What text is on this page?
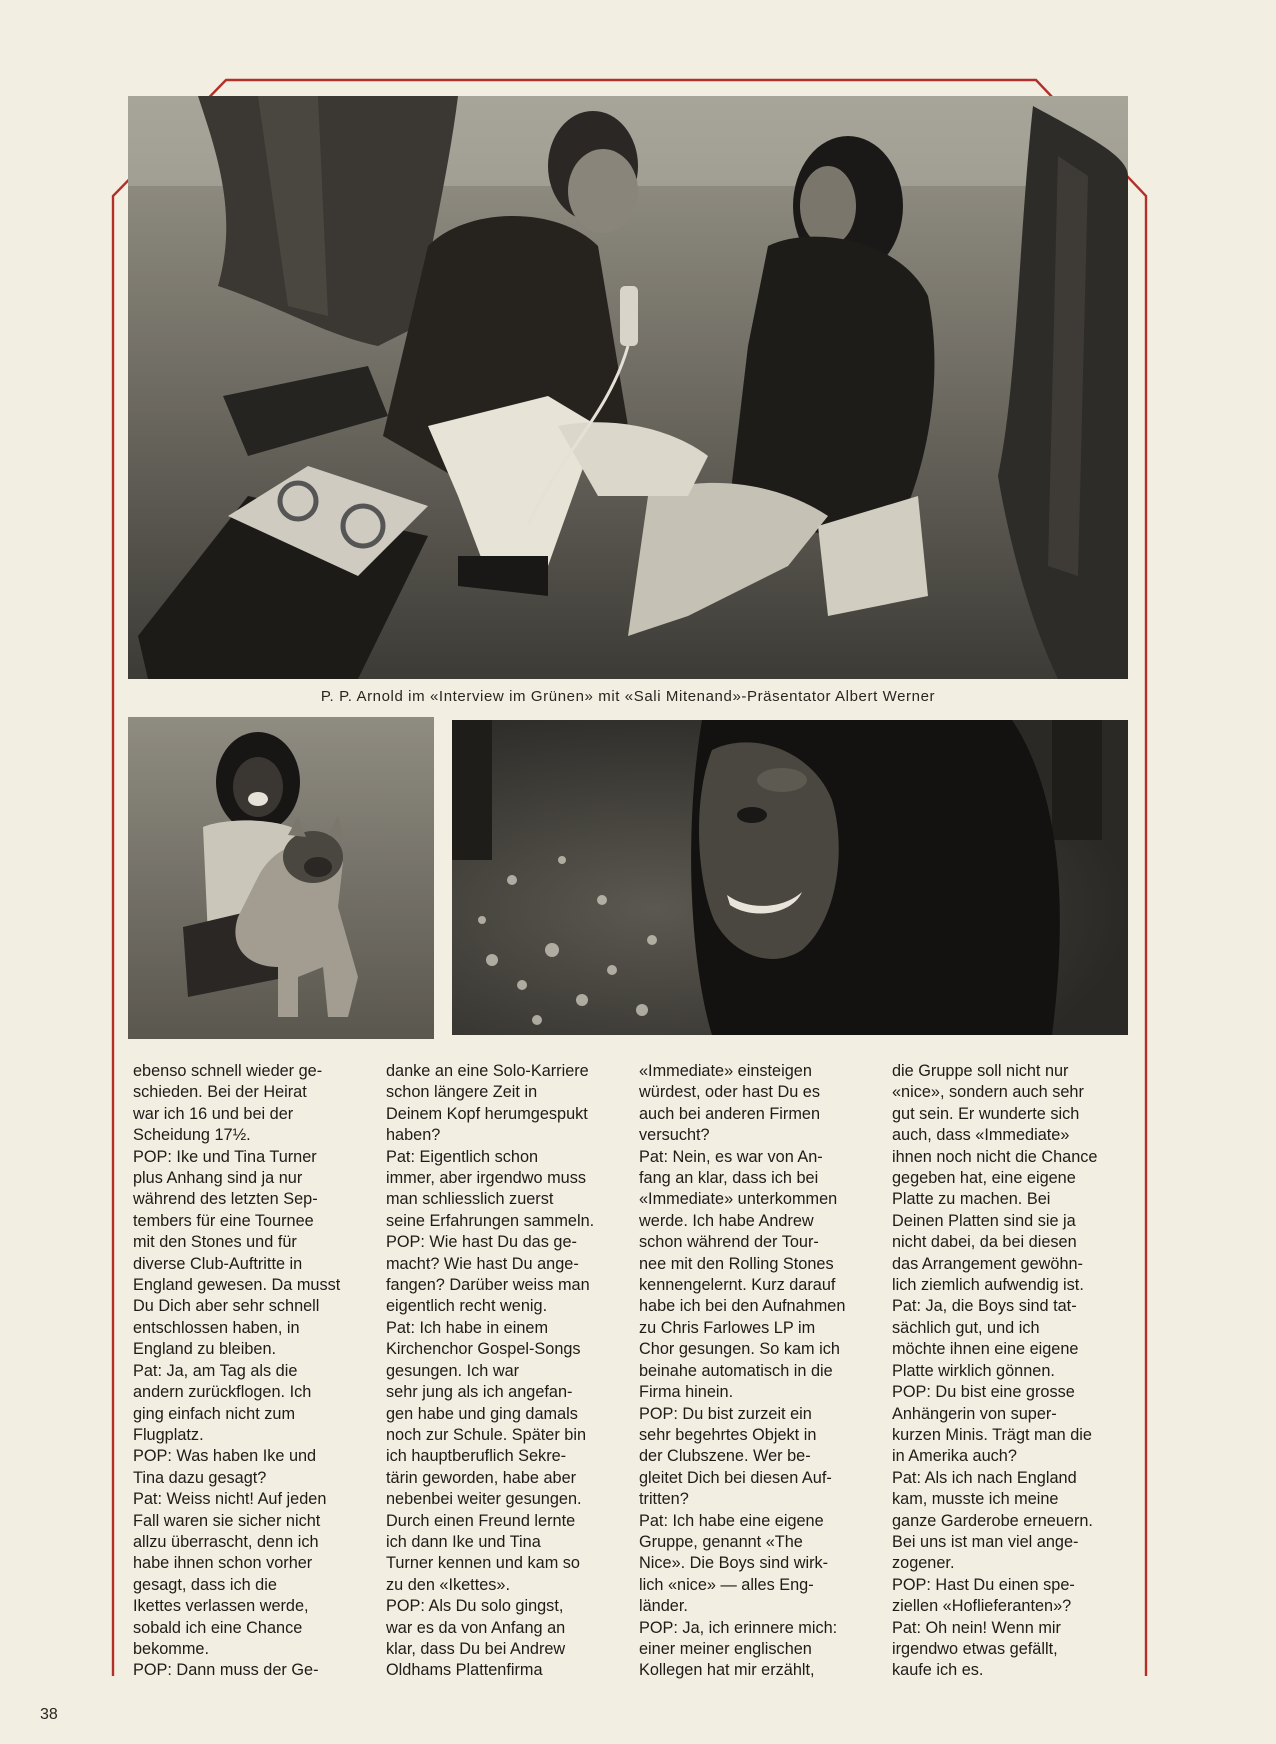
P. P. Arnold im «Interview im Grünen» mit «Sali Mitenand»-Präsentator Albert Werner
ebenso schnell wieder ge-
schieden. Bei der Heirat
war ich 16 und bei der
Scheidung 17½.
POP: Ike und Tina Turner
plus Anhang sind ja nur
während des letzten Sep-
tembers für eine Tournee
mit den Stones und für
diverse Club-Auftritte in
England gewesen. Da musst
Du Dich aber sehr schnell
entschlossen haben, in
England zu bleiben.
Pat: Ja, am Tag als die
andern zurückflogen. Ich
ging einfach nicht zum
Flugplatz.
POP: Was haben Ike und
Tina dazu gesagt?
Pat: Weiss nicht! Auf jeden
Fall waren sie sicher nicht
allzu überrascht, denn ich
habe ihnen schon vorher
gesagt, dass ich die
Ikettes verlassen werde,
sobald ich eine Chance
bekomme.
POP: Dann muss der Ge-
danke an eine Solo-Karriere
schon längere Zeit in
Deinem Kopf herumgespukt
haben?
Pat: Eigentlich schon
immer, aber irgendwo muss
man schliesslich zuerst
seine Erfahrungen sammeln.
POP: Wie hast Du das ge-
macht? Wie hast Du ange-
fangen? Darüber weiss man
eigentlich recht wenig.
Pat: Ich habe in einem
Kirchenchor Gospel-Songs
gesungen. Ich war
sehr jung als ich angefan-
gen habe und ging damals
noch zur Schule. Später bin
ich hauptberuflich Sekre-
tärin geworden, habe aber
nebenbei weiter gesungen.
Durch einen Freund lernte
ich dann Ike und Tina
Turner kennen und kam so
zu den «Ikettes».
POP: Als Du solo gingst,
war es da von Anfang an
klar, dass Du bei Andrew
Oldhams Plattenfirma
«Immediate» einsteigen
würdest, oder hast Du es
auch bei anderen Firmen
versucht?
Pat: Nein, es war von An-
fang an klar, dass ich bei
«Immediate» unterkommen
werde. Ich habe Andrew
schon während der Tour-
nee mit den Rolling Stones
kennengelernt. Kurz darauf
habe ich bei den Aufnahmen
zu Chris Farlowes LP im
Chor gesungen. So kam ich
beinahe automatisch in die
Firma hinein.
POP: Du bist zurzeit ein
sehr begehrtes Objekt in
der Clubszene. Wer be-
gleitet Dich bei diesen Auf-
tritten?
Pat: Ich habe eine eigene
Gruppe, genannt «The
Nice». Die Boys sind wirk-
lich «nice» — alles Eng-
länder.
POP: Ja, ich erinnere mich:
einer meiner englischen
Kollegen hat mir erzählt,
die Gruppe soll nicht nur
«nice», sondern auch sehr
gut sein. Er wunderte sich
auch, dass «Immediate»
ihnen noch nicht die Chance
gegeben hat, eine eigene
Platte zu machen. Bei
Deinen Platten sind sie ja
nicht dabei, da bei diesen
das Arrangement gewöhn-
lich ziemlich aufwendig ist.
Pat: Ja, die Boys sind tat-
sächlich gut, und ich
möchte ihnen eine eigene
Platte wirklich gönnen.
POP: Du bist eine grosse
Anhängerin von super-
kurzen Minis. Trägt man die
in Amerika auch?
Pat: Als ich nach England
kam, musste ich meine
ganze Garderobe erneuern.
Bei uns ist man viel ange-
zogener.
POP: Hast Du einen spe-
ziellen «Hoflieferanten»?
Pat: Oh nein! Wenn mir
irgendwo etwas gefällt,
kaufe ich es.
38
